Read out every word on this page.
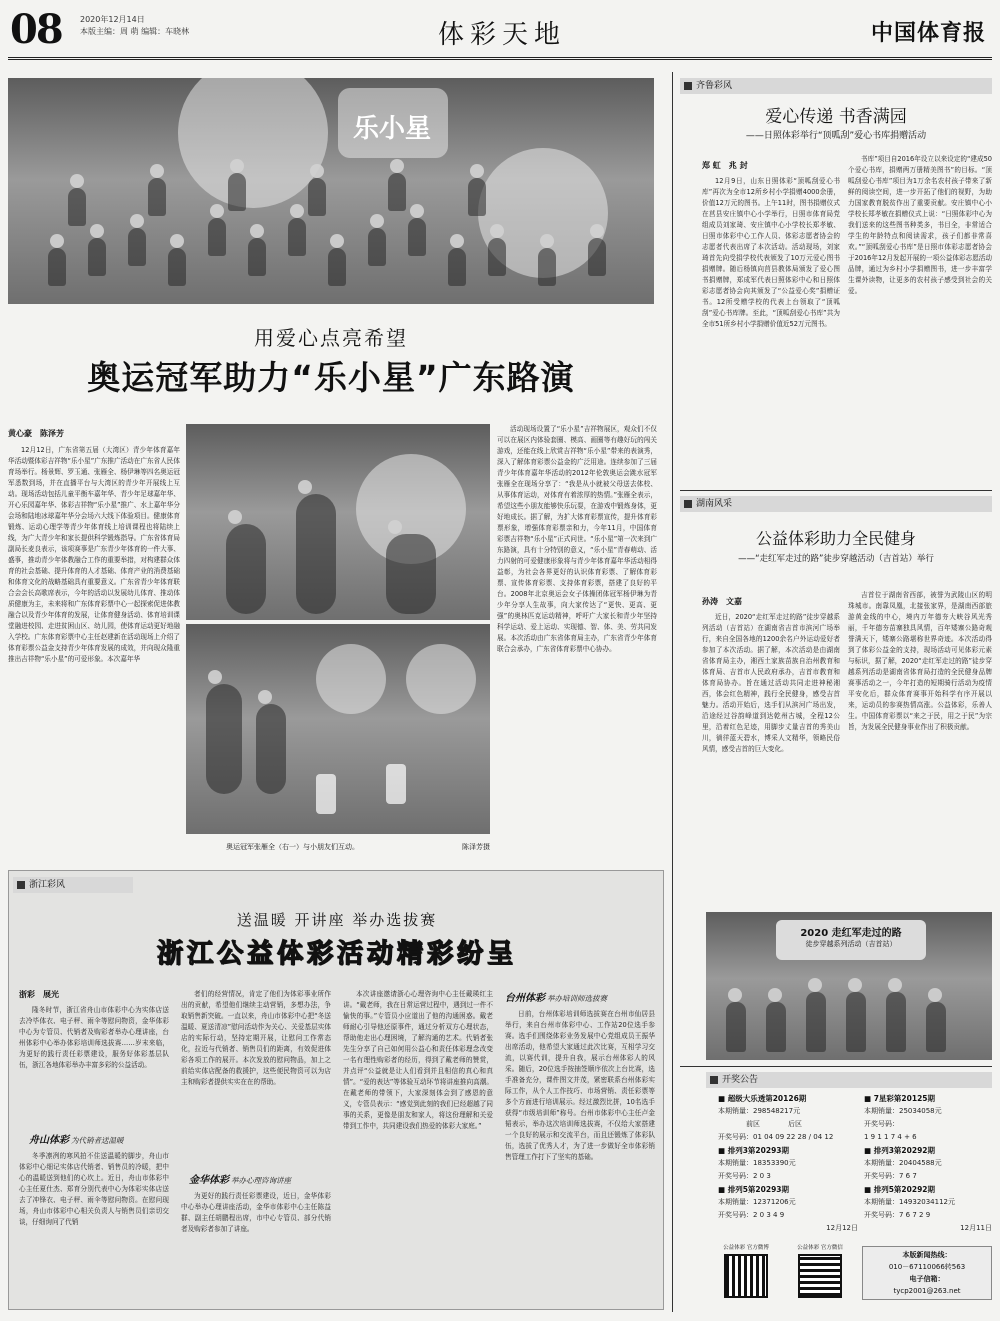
08 2020年12月14日
本版主编：周 萌 编辑：车晓林	体彩天地	中国体育报
乐小星
用爱心点亮希望
奥运冠军助力“乐小星”广东路演
黄心豪　陈泽芳

12月12日，广东省第五届（大湾区）青少年体育嘉年华活动暨体彩吉祥物“乐小星”广东推广活动在广东省人民体育场举行。杨景辉、罗玉通、张雁全、杨伊琳等四名奥运冠军悉数到场，并在直播平台与大湾区的青少年开展线上互动。现场活动包括儿童平衡车嘉年华、青少年足球嘉年华、开心乐园嘉年华、体彩吉祥物“乐小星”推广、水上嘉年华分会场和陆地冰球嘉年华分会场六大线下体验项目。健康体育锻炼、运动心理学等青少年体育线上培训课程也将陆续上线，为广大青少年和家长提供科学锻炼指导。广东省体育局副局长麦良表示，该项赛事是广东青少年体育的一件大事、盛事，推动青少年体教融合工作的重要举措，对构建群众体育的社会基础、提升体育的人才基础、体育产业的消费基础和体育文化的战略基础具有重要意义。广东省青少年体育联合会会长高歌席表示，今年的活动以发展幼儿体育、推动体质健康为主，未来将和广东体育彩票中心一起探索促进体教融合以及青少年体育的发展，让体育健身活动、体育培训课堂融进校园、走进贫困山区、幼儿园，使体育运动更好地融入学校。广东体育彩票中心主任赵建新在活动现场上介绍了体育彩票公益金支持青少年体育发展的成效，并向现众隆重推出吉祥物“乐小星”的可爱形象。本次嘉年华

奥运冠军张雁全（右一）与小朋友们互动。	陈泽芳摄

活动现场设置了“乐小星”吉祥物展区，观众们不仅可以在展区内体验套圈、模高、画圈等有趣好玩的闯关游戏，还能在线上欣赏吉祥物“乐小星”带来的表演秀，深入了解体育彩票公益金的广泛用途。连续参加了三届青少年体育嘉年华活动的2012年伦敦奥运会跳水冠军张雁全在现场分享了：“我是从小就被父母送去体校、从事体育运动，对体育有着浓厚的热情。”张雁全表示，希望这些小朋友能够快乐玩耍，在游戏中锻炼身体，更好地成长。据了解，为扩大体育彩票宣传，提升体育彩票形象，增强体育彩票亲和力，今年11月，中国体育彩票吉祥物“乐小星”正式问世。“乐小星”第一次来到广东路演，具有十分特别的意义，“乐小星”青春萌动、活力四射的可爱健康形象将与青少年体育嘉年华活动相得益彰，为社会各界更好的认识体育彩票、了解体育彩票、宣传体育彩票、支持体育彩票，搭建了良好的平台。2008年北京奥运会女子体操团体冠军杨伊琳为青少年分享人生故事，向大家传达了“更快、更高、更强”的奥林匹克运动精神，呼吁广大家长和青少年坚持科学运动、爱上运动、实现德、智、体、美、劳共同发展。本次活动由广东省体育局主办，广东省青少年体育联合会承办，广东省体育彩票中心协办。

齐鲁彩风
爱心传递 书香满园
——日照体彩举行“顶呱刮”爱心书库捐赠活动
郑 虹　兆 封

12月9日，山东日照体彩“顶呱刮爱心书库”再次为全市12所乡村小学捐赠4000余册，价值12万元的图书。上午11时，图书捐赠仪式在莒县安庄镇中心小学举行，日照市体育局党组成员刘家琦、安庄镇中心小学校长郑孝敏、日照市体彩中心工作人员、体彩志愿者协会的志愿者代表出席了本次活动。活动现场，刘家琦首先向受捐学校代表颁发了10万元爱心图书捐赠牌。随后杨镇向莒县教体局颁发了爱心图书捐赠牌，郑成军代表日照体彩中心和日照体彩志愿者协会向其颁发了“公益爱心奖”捐赠证书。12所受赠学校的代表上台领取了“顶呱刮”爱心书库牌。至此，“顶呱刮爱心书库”共为全市51所乡村小学捐赠价值近52万元图书。

书库”项目自2016年设立以来设定的“建成50个爱心书库，捐赠两万册精美图书”的目标。“顶呱刮爱心书库”项目为1万余名农村孩子带来了新鲜的阅读空间，进一步开拓了他们的视野，为助力国家教育脱贫作出了重要贡献。安庄镇中心小学校长郑孝敏在捐赠仪式上说：“日照体彩中心为我们送来的这些图书种类多，书目全，非常适合学生的年龄特点和阅读需求，孩子们都非常喜欢。”“顶呱刮爱心书库”是日照市体彩志愿者协会于2016年12月发起开展的一项公益体彩志愿活动品牌，通过为乡村小学捐赠图书，进一步丰富学生课外读物，让更多的农村孩子感受到社会的关爱。

湖南风采
公益体彩助力全民健身
——“走红军走过的路”徒步穿越活动（吉首站）举行
孙涛　文嘉

近日，2020“走红军走过的路”徒步穿越系列活动（吉首站）在湖南省吉首市滨河广场举行，来自全国各地的1200余名户外运动爱好者参加了本次活动。据了解，本次活动是由湖南省体育局主办，湘西土家族苗族自治州教育和体育局、吉首市人民政府承办，吉首市教育和体育局协办。旨在通过活动共同走进神秘湘西，体会红色精神，践行全民健身，感受吉首魅力。活动开始后，选手们从滨河广场出发，沿途经过谷韵峰道到达乾州古城，全程12公里，沿着红色足迹，用脚步丈量吉首的秀美山川，徜徉蓝天碧水，博采人文精华，领略民俗风情，感受吉首的巨大变化。

吉首位于湖南省西部，被誉为武陵山区的明珠城市。南靠凤凰，北接张家界，是湖南西部旅游黄金线的中心，境内万年德夯大峡谷风光秀丽，千年德夯苗寨独具风情，百年矮寨公路奇观誉满天下，矮寨公路堪称世界奇迹。本次活动得到了体彩公益金的支持，现场活动可见体彩元素与标识，据了解，2020“走红军走过的路”徒步穿越系列活动是湖南省体育局打造的全民健身品牌赛事活动之一，今年打造的短期骑行活动为疫情平安化后，群众体育赛事开始科学有序开展以来，运动员的参赛热情高涨。公益体彩，乐善人生。中国体育彩票以“来之于民，用之于民”为宗旨，为发展全民健身事业作出了积极贡献。

2020 走红军走过的路
徒步穿越系列活动（吉首站）
开奖公告
■ 超级大乐透第20126期
本期销量：298548217元
前区　　　　后区
开奖号码：01 04 09 22 28 / 04 12
■ 排列3第20293期
本期销量：18353390元
开奖号码：2 0 3
■ 排列5第20293期
本期销量：12371206元
开奖号码：2 0 3 4 9
12月12日
■ 7星彩第20125期
本期销量：25034058元
开奖号码：
1 9 1 1 7 4 + 6
■ 排列3第20292期
本期销量：20404588元
开奖号码：7 6 7
■ 排列5第20292期
本期销量：14932034112元
开奖号码：7 6 7 2 9
12月11日
公益体彩 官方微博	公益体彩 官方微信
本版新闻热线：
010－67110066转563
电子信箱：
tycp2001@263.net
浙江彩风
送温暖 开讲座 举办选拔赛
浙江公益体彩活动精彩纷呈
浙彩　展光

隆冬时节，浙江省舟山市体彩中心为实体店送去冷毕体衣、电子秤、雨伞等慰问物资，金华体彩中心为专管员、代销者及购彩者举办心理讲座，台州体彩中心举办体彩培训师选拔赛……岁末来临，为更好的践行责任彩票建设，服务好体彩基层队伍，浙江各地体彩举办丰富多彩的公益活动。

舟山体彩 为代销者送温暖

冬季凛冽的寒风拍不住送温暖的脚步，舟山市体彩中心细记实体店代销者、销售员的冷暖，把中心的温暖送到他们的心坎上。近日，舟山市体彩中心主任夏仕杰、郑育分别代表中心为体彩实体店送去了冲锋衣、电子秤、雨伞等慰问物资。在慰问现场，舟山市体彩中心相关负责人与销售员们亲切交谈，仔细询问了代销

者们的经营情况，肯定了他们为体彩事业所作出的贡献，希望他们继续主动营销，多想办法，争取销售新突破。一直以来，舟山市体彩中心把“冬送温暖、夏送清凉”慰问活动作为关心、关爱基层实体店的实际行动，坚持定期开展，让慰问工作常态化，拉近与代销者、销售员们的距离，有效促进体彩各项工作的展开。本次发放的慰问物品，加上之前给实体店配备的救援护，这些便民物资可以为店主和购彩者提供实实在在的帮助。

金华体彩 举办心理咨询讲座

为更好的践行责任彩票建设，近日，金华体彩中心举办心理讲座活动，金华市体彩中心主任陈益群、副主任胡鹏程出席，市中心专管员、部分代销者及购彩者参加了讲座。

本次讲座邀请浙心心理咨询中心主任戴瑛红主讲。“戴老师，我在日常运营过程中，遇到过一件不愉快的事。”专管员小应道出了他的沟通困惑。戴老师耐心引导他还原事件，通过分析双方心理状态，帮助他走出心理困境，了解沟通的艺术。代销者张先生分享了自己如何用公益心和责任体彩理念改变一名有理性购彩者的经历，得到了戴老师的赞赏，并点评“公益就是让人们看到并且相信的真心和真情”。“爱的表达”等体验互动环节将讲座推向高潮。在戴老师的带领下，大家深刻体会到了感恩的意义，专管员表示：“感觉到此刻的我们已经超越了同事的关系，更像是朋友和家人，将这份理解和关爱带到工作中，共同建设我们热爱的体彩大家庭。”

台州体彩 举办培训师选拔赛

日前，台州体彩培训师选拔赛在台州市仙居县举行，来自台州市体彩中心、工作站20位选手参赛。选手们围绕体彩业务发展中心党组成员王振华出席活动，他希望大家通过此次比赛，互相学习交流，以赛代训，提升自我，展示台州体彩人的风采。随后，20位选手按抽签顺序依次上台比赛，选手准备充分，课件图文并茂，紧密联系台州体彩实际工作，从个人工作技巧、市场营销、责任彩票等多个方面进行培训展示。经过激烈比拼，10名选手获得“市级培训师”称号。台州市体彩中心主任卢金韬表示，举办这次培训师选拔赛，不仅给大家搭建一个良好的展示和交流平台，而且还锻炼了体彩队伍，选拔了优秀人才，为了进一步做好全市体彩销售管理工作打下了坚实的基础。
